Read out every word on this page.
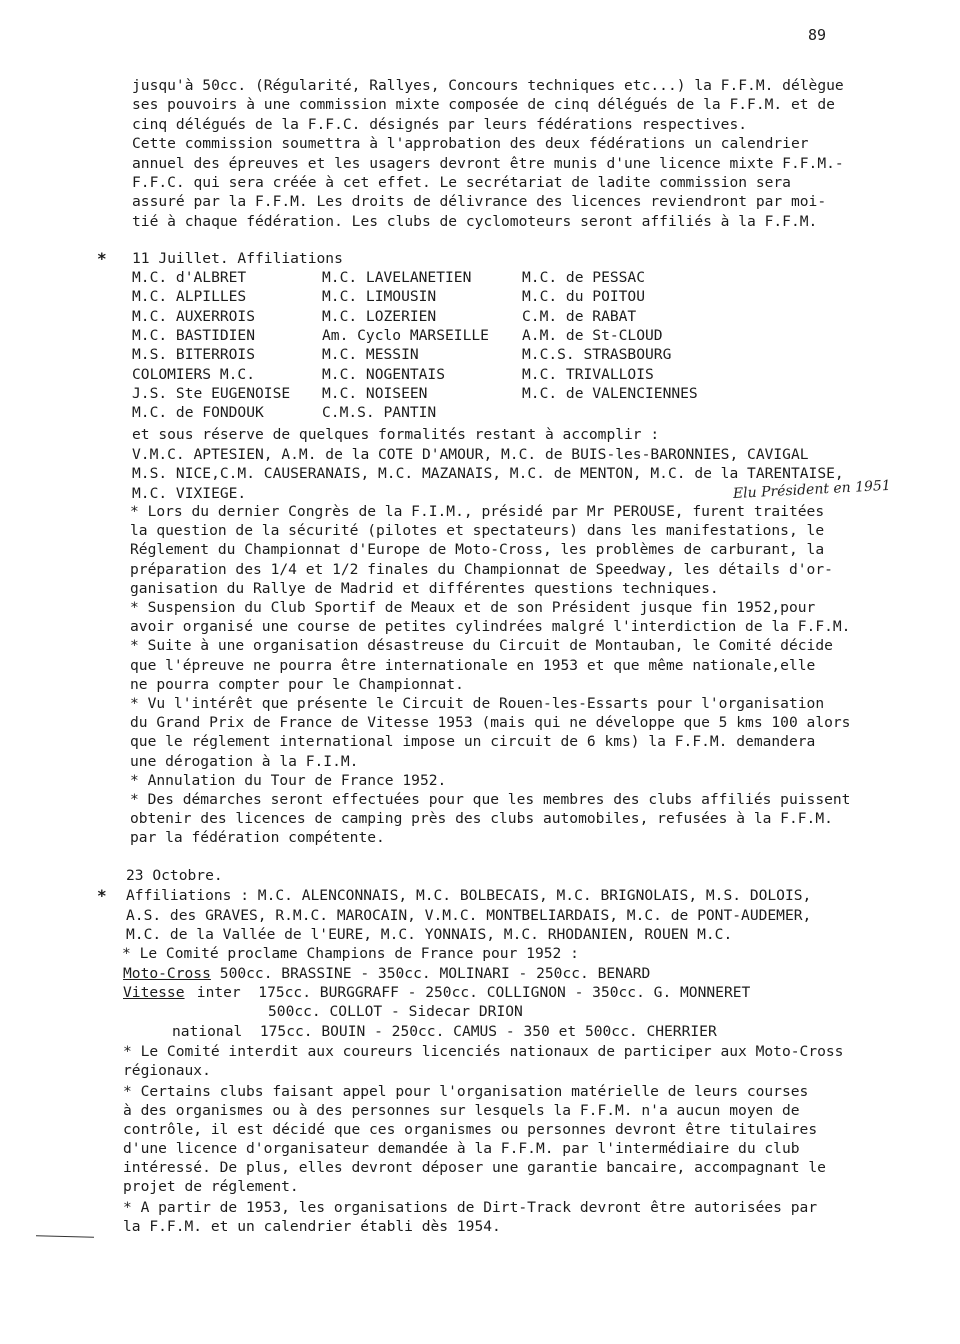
89
jusqu'à 50cc. (Régularité, Rallyes, Concours techniques etc...) la F.F.M. délègue
ses pouvoirs à une commission mixte composée de cinq délégués de la F.F.M. et de
cinq délégués de la F.F.C. désignés par leurs fédérations respectives.
Cette commission soumettra à l'approbation des deux fédérations un calendrier
annuel des épreuves et les usagers devront être munis d'une licence mixte F.F.M.-
F.F.C. qui sera créée à cet effet. Le secrétariat de ladite commission sera
assuré par la F.F.M. Les droits de délivrance des licences reviendront par moi-
tié à chaque fédération. Les clubs de cyclomoteurs seront affiliés à la F.F.M.
* 11 Juillet. Affiliations
M.C. d'ALBRET
M.C. ALPILLES
M.C. AUXERROIS
M.C. BASTIDIEN
M.S. BITERROIS
COLOMIERS M.C.
J.S. Ste EUGENOISE
M.C. de FONDOUK
M.C. LAVELANETIEN
M.C. LIMOUSIN
M.C. LOZERIEN
Am. Cyclo MARSEILLE
M.C. MESSIN
M.C. NOGENTAIS
M.C. NOISEEN
C.M.S. PANTIN
M.C. de PESSAC
M.C. du POITOU
C.M. de RABAT
A.M. de St-CLOUD
M.C.S. STRASBOURG
M.C. TRIVALLOIS
M.C. de VALENCIENNES
et sous réserve de quelques formalités restant à accomplir :
V.M.C. APTESIEN, A.M. de la COTE D'AMOUR, M.C. de BUIS-les-BARONNIES, CAVIGAL
M.S. NICE,C.M. CAUSERANAIS, M.C. MAZANAIS, M.C. de MENTON, M.C. de la TARENTAISE,
M.C. VIXIEGE.
* Lors du dernier Congrès de la F.I.M., présidé par Mr PEROUSE, furent traitées
la question de la sécurité (pilotes et spectateurs) dans les manifestations, le
Réglement du Championnat d'Europe de Moto-Cross, les problèmes de carburant, la
préparation des 1/4 et 1/2 finales du Championnat de Speedway, les détails d'or-
ganisation du Rallye de Madrid et différentes questions techniques.
* Suspension du Club Sportif de Meaux et de son Président jusque fin 1952,pour
avoir organisé une course de petites cylindrées malgré l'interdiction de la F.F.M.
* Suite à une organisation désastreuse du Circuit de Montauban, le Comité décide
que l'épreuve ne pourra être internationale en 1953 et que même nationale,elle
ne pourra compter pour le Championnat.
* Vu l'intérêt que présente le Circuit de Rouen-les-Essarts pour l'organisation
du Grand Prix de France de Vitesse 1953 (mais qui ne développe que 5 kms 100 alors
que le réglement international impose un circuit de 6 kms) la F.F.M. demandera
une dérogation à la F.I.M.
* Annulation du Tour de France 1952.
* Des démarches seront effectuées pour que les membres des clubs affiliés puissent
obtenir des licences de camping près des clubs automobiles, refusées à la F.F.M.
par la fédération compétente.
23 Octobre.
* Affiliations : M.C. ALENCONNAIS, M.C. BOLBECAIS, M.C. BRIGNOLAIS, M.S. DOLOIS,
A.S. des GRAVES, R.M.C. MAROCAIN, V.M.C. MONTBELIARDAIS, M.C. de PONT-AUDEMER,
M.C. de la Vallée de l'EURE, M.C. YONNAIS, M.C. RHODANIEN, ROUEN M.C.
* Le Comité proclame Champions de France pour 1952 :
Moto-Cross 500cc. BRASSINE - 350cc. MOLINARI - 250cc. BENARD
Vitesse inter  175cc. BURGGRAFF - 250cc. COLLIGNON - 350cc. G. MONNERET
500cc. COLLOT - Sidecar DRION
national  175cc. BOUIN - 250cc. CAMUS - 350 et 500cc. CHERRIER
* Le Comité interdit aux coureurs licenciés nationaux de participer aux Moto-Cross
régionaux.
* Certains clubs faisant appel pour l'organisation matérielle de leurs courses
à des organismes ou à des personnes sur lesquels la F.F.M. n'a aucun moyen de
contrôle, il est décidé que ces organismes ou personnes devront être titulaires
d'une licence d'organisateur demandée à la F.F.M. par l'intermédiaire du club
intéressé. De plus, elles devront déposer une garantie bancaire, accompagnant le
projet de réglement.
* A partir de 1953, les organisations de Dirt-Track devront être autorisées par
la F.F.M. et un calendrier établi dès 1954.
Elu Président en 1951
